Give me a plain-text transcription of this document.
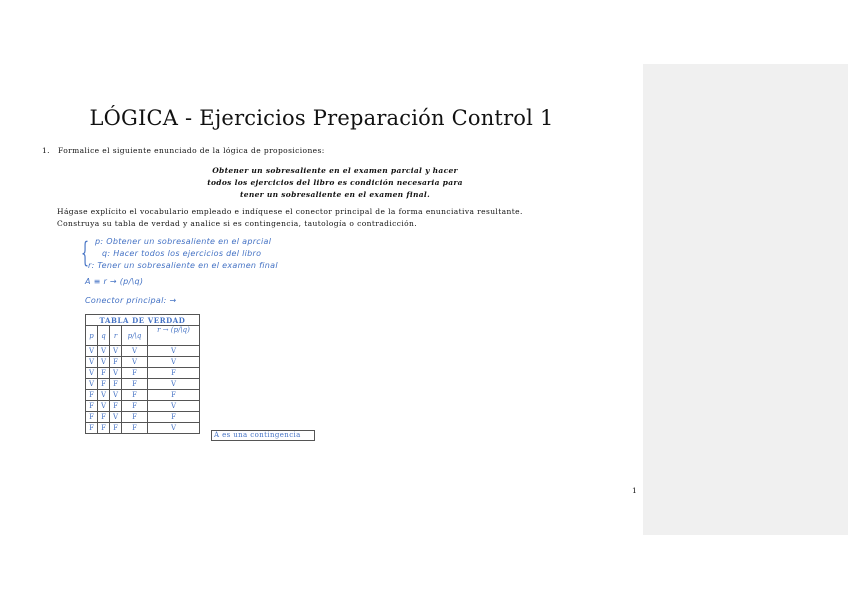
LÓGICA - Ejercicios Preparación Control 1
1. Formalice el siguiente enunciado de la lógica de proposiciones:
Obtener un sobresaliente en el examen parcial y hacer
todos los ejercicios del libro es condición necesaria para
tener un sobresaliente en el examen final.
Hágase explícito el vocabulario empleado e indíquese el conector principal de la forma enunciativa resultante.
Construya su tabla de verdad y analice si es contingencia, tautología o contradicción.
{ p: Obtener un sobresaliente en el aprcial
q: Hacer todos los ejercicios del libro
r: Tener un sobresaliente en el examen final
A ≡ r → (p/\q)
Conector principal: →
TABLA DE VERDAD				
p	q	r	p/\q	r → (p/\q)
V	V	V	V	V
V	V	F	V	V
V	F	V	F	F
V	F	F	F	V
F	V	V	F	F
F	V	F	F	V
F	F	V	F	F
F	F	F	F	V
A es una contingencia
1
